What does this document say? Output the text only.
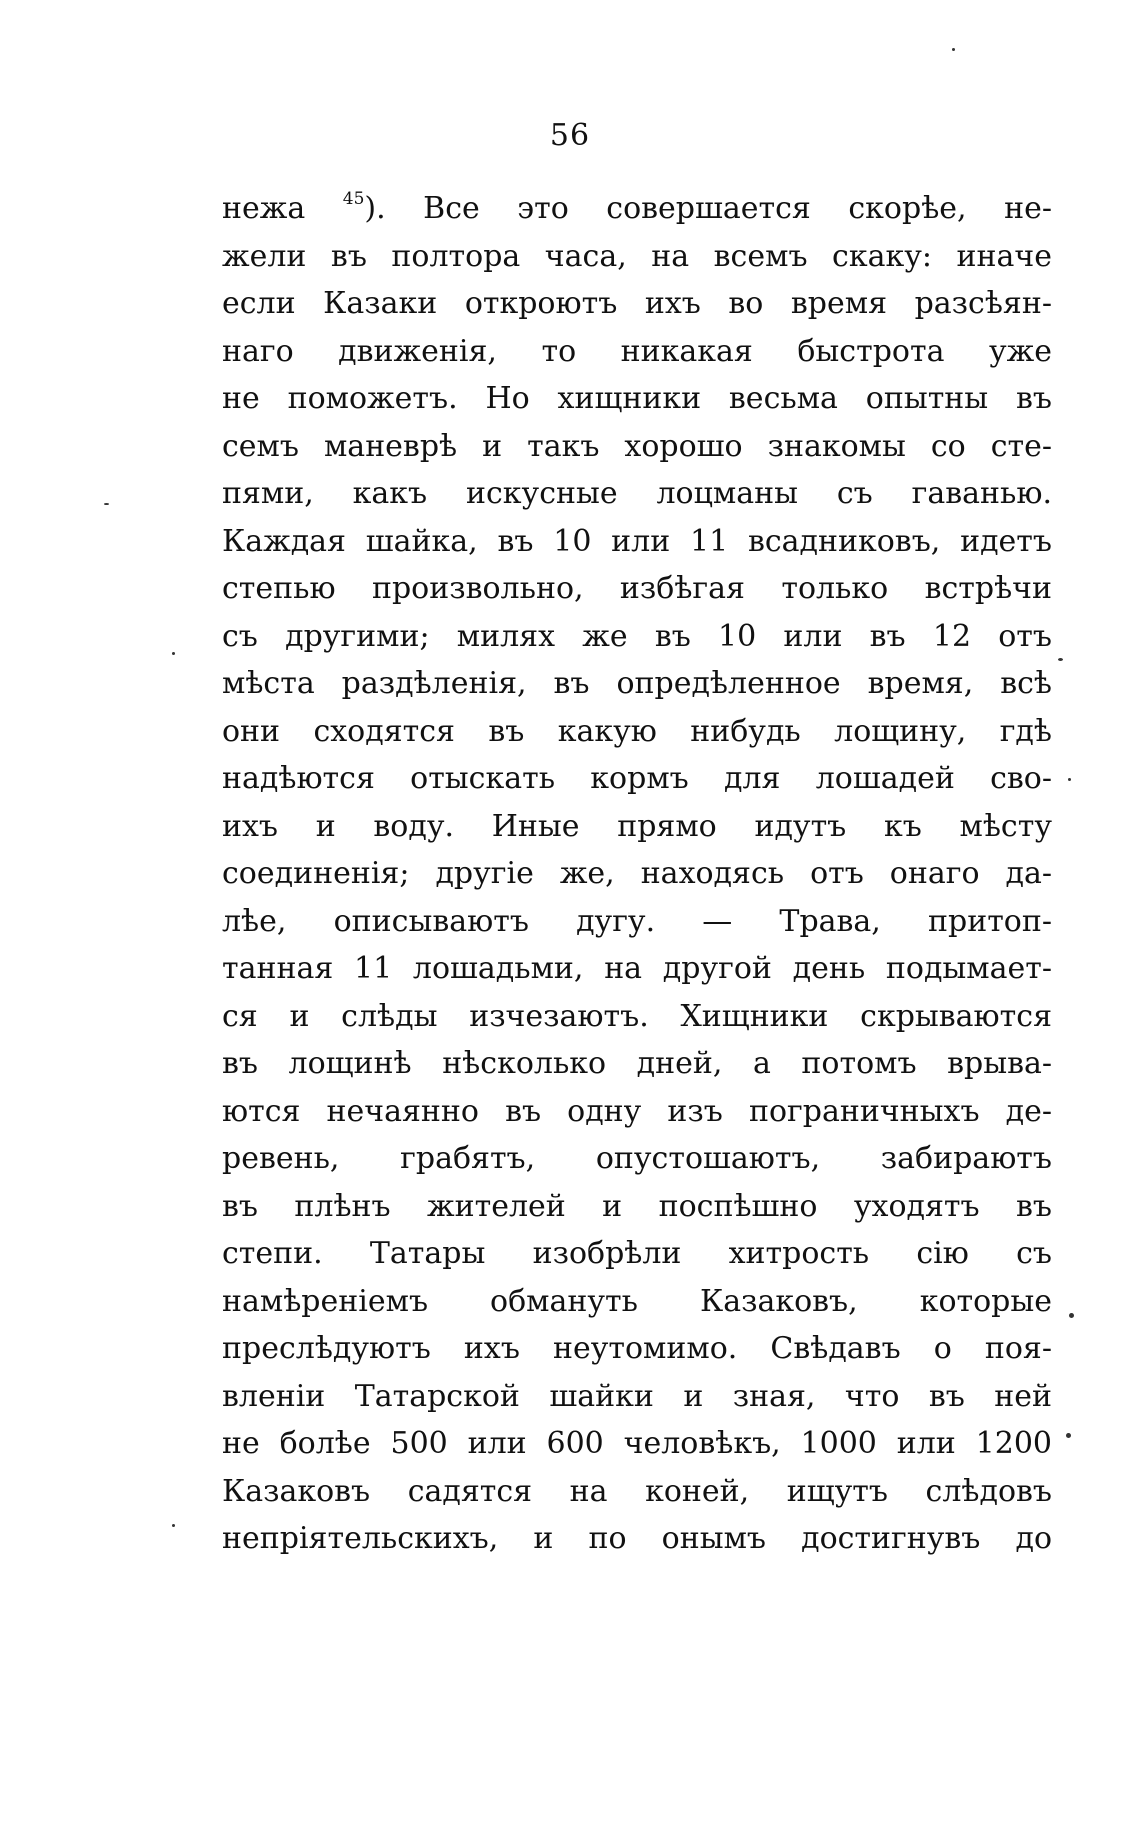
56
нежа $^{45}$). Все это совершается скорѣе, не-
жели въ полтора часа, на всемъ скаку: иначе
если Казаки откроютъ ихъ во время разсѣян-
наго движенія, то никакая быстрота уже
не поможетъ. Но хищники весьма опытны въ
семъ маневрѣ и такъ хорошо знакомы со сте-
пями, какъ искусные лоцманы съ гаванью.
Каждая шайка, въ 10 или 11 всадниковъ, идетъ
степью произвольно, избѣгая только встрѣчи
съ другими; милях же въ 10 или въ 12 отъ
мѣста раздѣленія, въ опредѣленное время, всѣ
они сходятся въ какую нибудь лощину, гдѣ
надѣются отыскать кормъ для лошадей сво-
ихъ и воду. Иные прямо идутъ къ мѣсту
соединенія; другіе же, находясь отъ онаго да-
лѣе, описываютъ дугу. — Трава, притоп-
танная 11 лошадьми, на другой день подымает-
ся и слѣды изчезаютъ. Хищники скрываются
въ лощинѣ нѣсколько дней, а потомъ врыва-
ются нечаянно въ одну изъ пограничныхъ де-
ревень, грабятъ, опустошаютъ, забираютъ
въ плѣнъ жителей и поспѣшно уходятъ въ
степи. Татары изобрѣли хитрость сію съ
намѣреніемъ обмануть Казаковъ, которые
преслѣдуютъ ихъ неутомимо. Свѣдавъ о поя-
вленіи Татарской шайки и зная, что въ ней
не болѣе 500 или 600 человѣкъ, 1000 или 1200
Казаковъ садятся на коней, ищутъ слѣдовъ
непріятельскихъ, и по онымъ достигнувъ до
